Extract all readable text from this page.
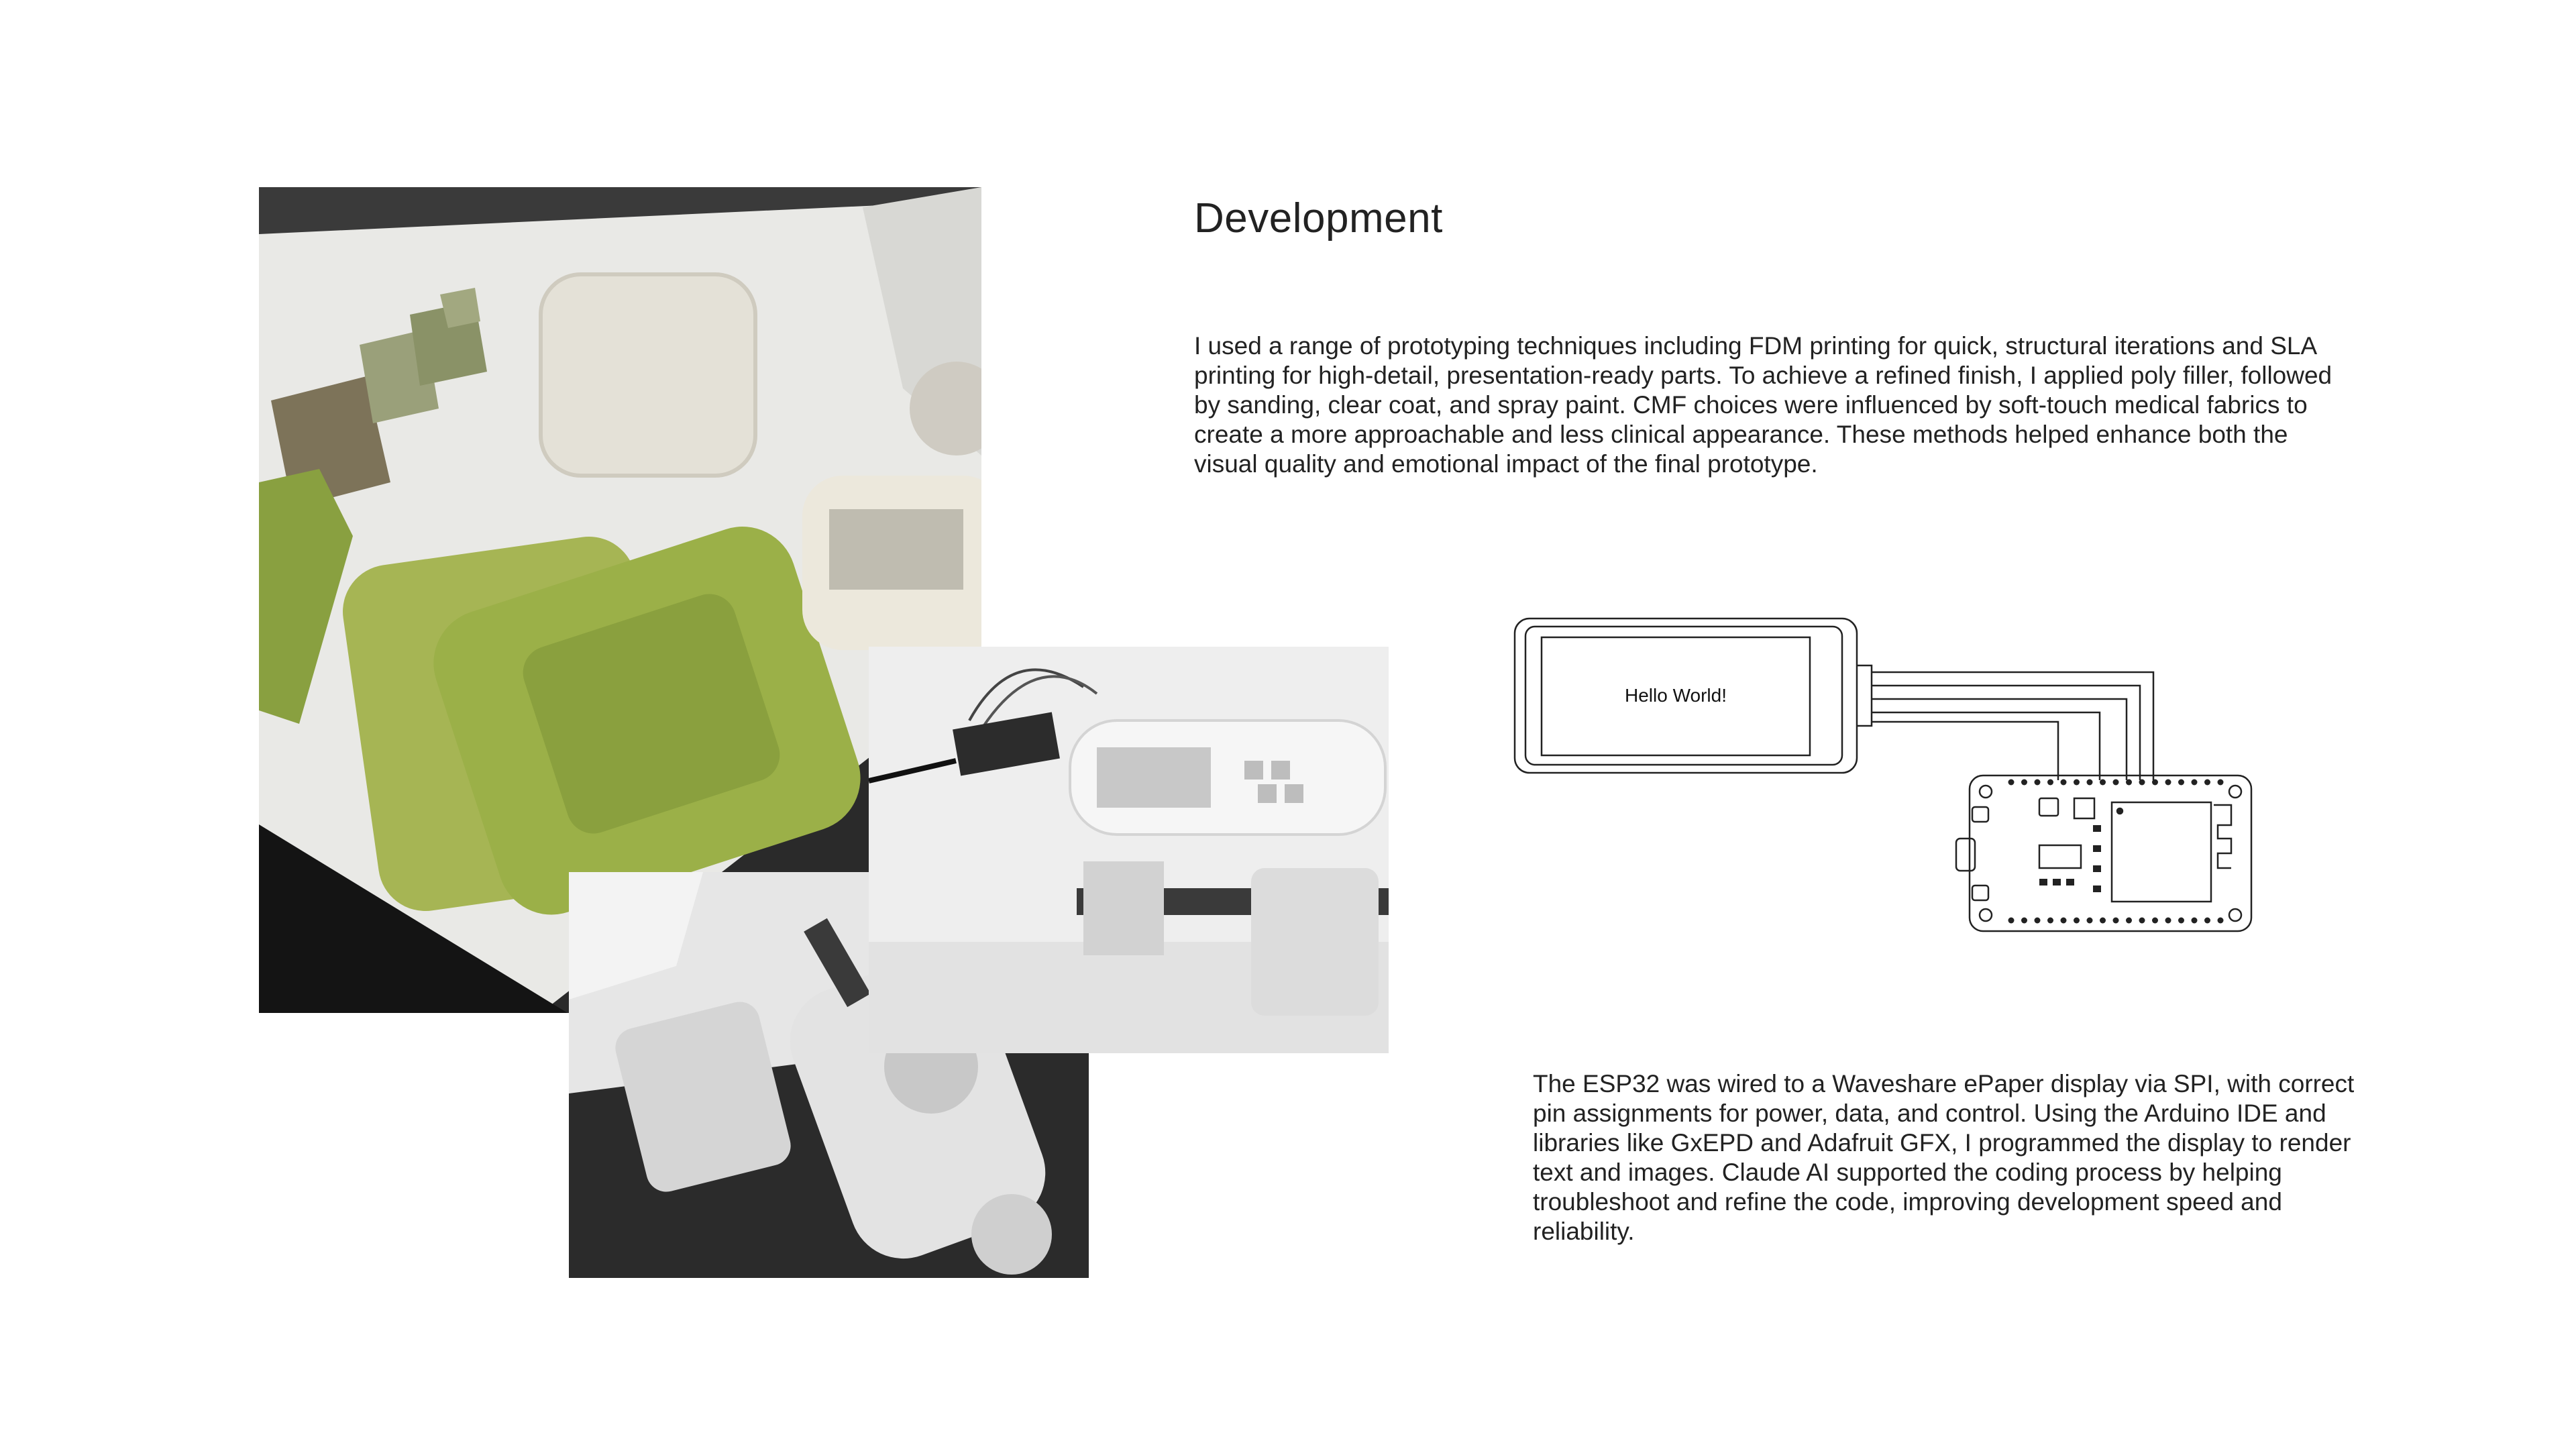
Development

I used a range of prototyping techniques including FDM printing for quick, structural iterations and SLA printing for high-detail, presentation-ready parts. To achieve a refined finish, I applied poly filler, followed by sanding, clear coat, and spray paint. CMF choices were influenced by soft-touch medical fabrics to create a more approachable and less clinical appearance. These methods helped enhance both the visual quality and emotional impact of the final prototype.

Hello World!

The ESP32 was wired to a Waveshare ePaper display via SPI, with correct pin assignments for power, data, and control. Using the Arduino IDE and libraries like GxEPD and Adafruit GFX, I programmed the display to render text and images. Claude AI supported the coding process by helping troubleshoot and refine the code, improving development speed and reliability.
